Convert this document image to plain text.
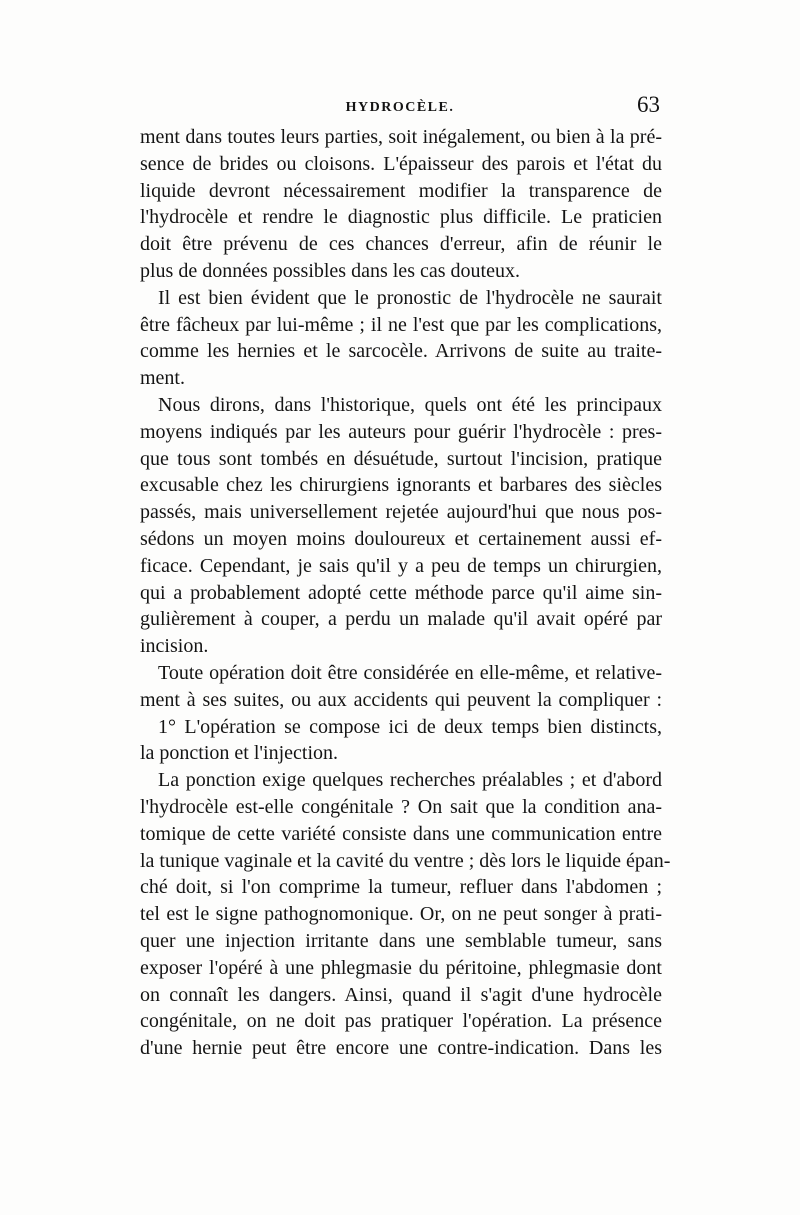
HYDROCÈLE.	63
ment dans toutes leurs parties, soit inégalement, ou bien à la pré-
sence de brides ou cloisons. L'épaisseur des parois et l'état du
liquide devront nécessairement modifier la transparence de
l'hydrocèle et rendre le diagnostic plus difficile. Le praticien
doit être prévenu de ces chances d'erreur, afin de réunir le
plus de données possibles dans les cas douteux.
Il est bien évident que le pronostic de l'hydrocèle ne saurait
être fâcheux par lui-même ; il ne l'est que par les complications,
comme les hernies et le sarcocèle. Arrivons de suite au traite-
ment.
Nous dirons, dans l'historique, quels ont été les principaux
moyens indiqués par les auteurs pour guérir l'hydrocèle : pres-
que tous sont tombés en désuétude, surtout l'incision, pratique
excusable chez les chirurgiens ignorants et barbares des siècles
passés, mais universellement rejetée aujourd'hui que nous pos-
sédons un moyen moins douloureux et certainement aussi ef-
ficace. Cependant, je sais qu'il y a peu de temps un chirurgien,
qui a probablement adopté cette méthode parce qu'il aime sin-
gulièrement à couper, a perdu un malade qu'il avait opéré par
incision.
Toute opération doit être considérée en elle-même, et relative-
ment à ses suites, ou aux accidents qui peuvent la compliquer :
1° L'opération se compose ici de deux temps bien distincts,
la ponction et l'injection.
La ponction exige quelques recherches préalables ; et d'abord
l'hydrocèle est-elle congénitale ? On sait que la condition ana-
tomique de cette variété consiste dans une communication entre
la tunique vaginale et la cavité du ventre ; dès lors le liquide épan-
ché doit, si l'on comprime la tumeur, refluer dans l'abdomen ;
tel est le signe pathognomonique. Or, on ne peut songer à prati-
quer une injection irritante dans une semblable tumeur, sans
exposer l'opéré à une phlegmasie du péritoine, phlegmasie dont
on connaît les dangers. Ainsi, quand il s'agit d'une hydrocèle
congénitale, on ne doit pas pratiquer l'opération. La présence
d'une hernie peut être encore une contre-indication. Dans les
